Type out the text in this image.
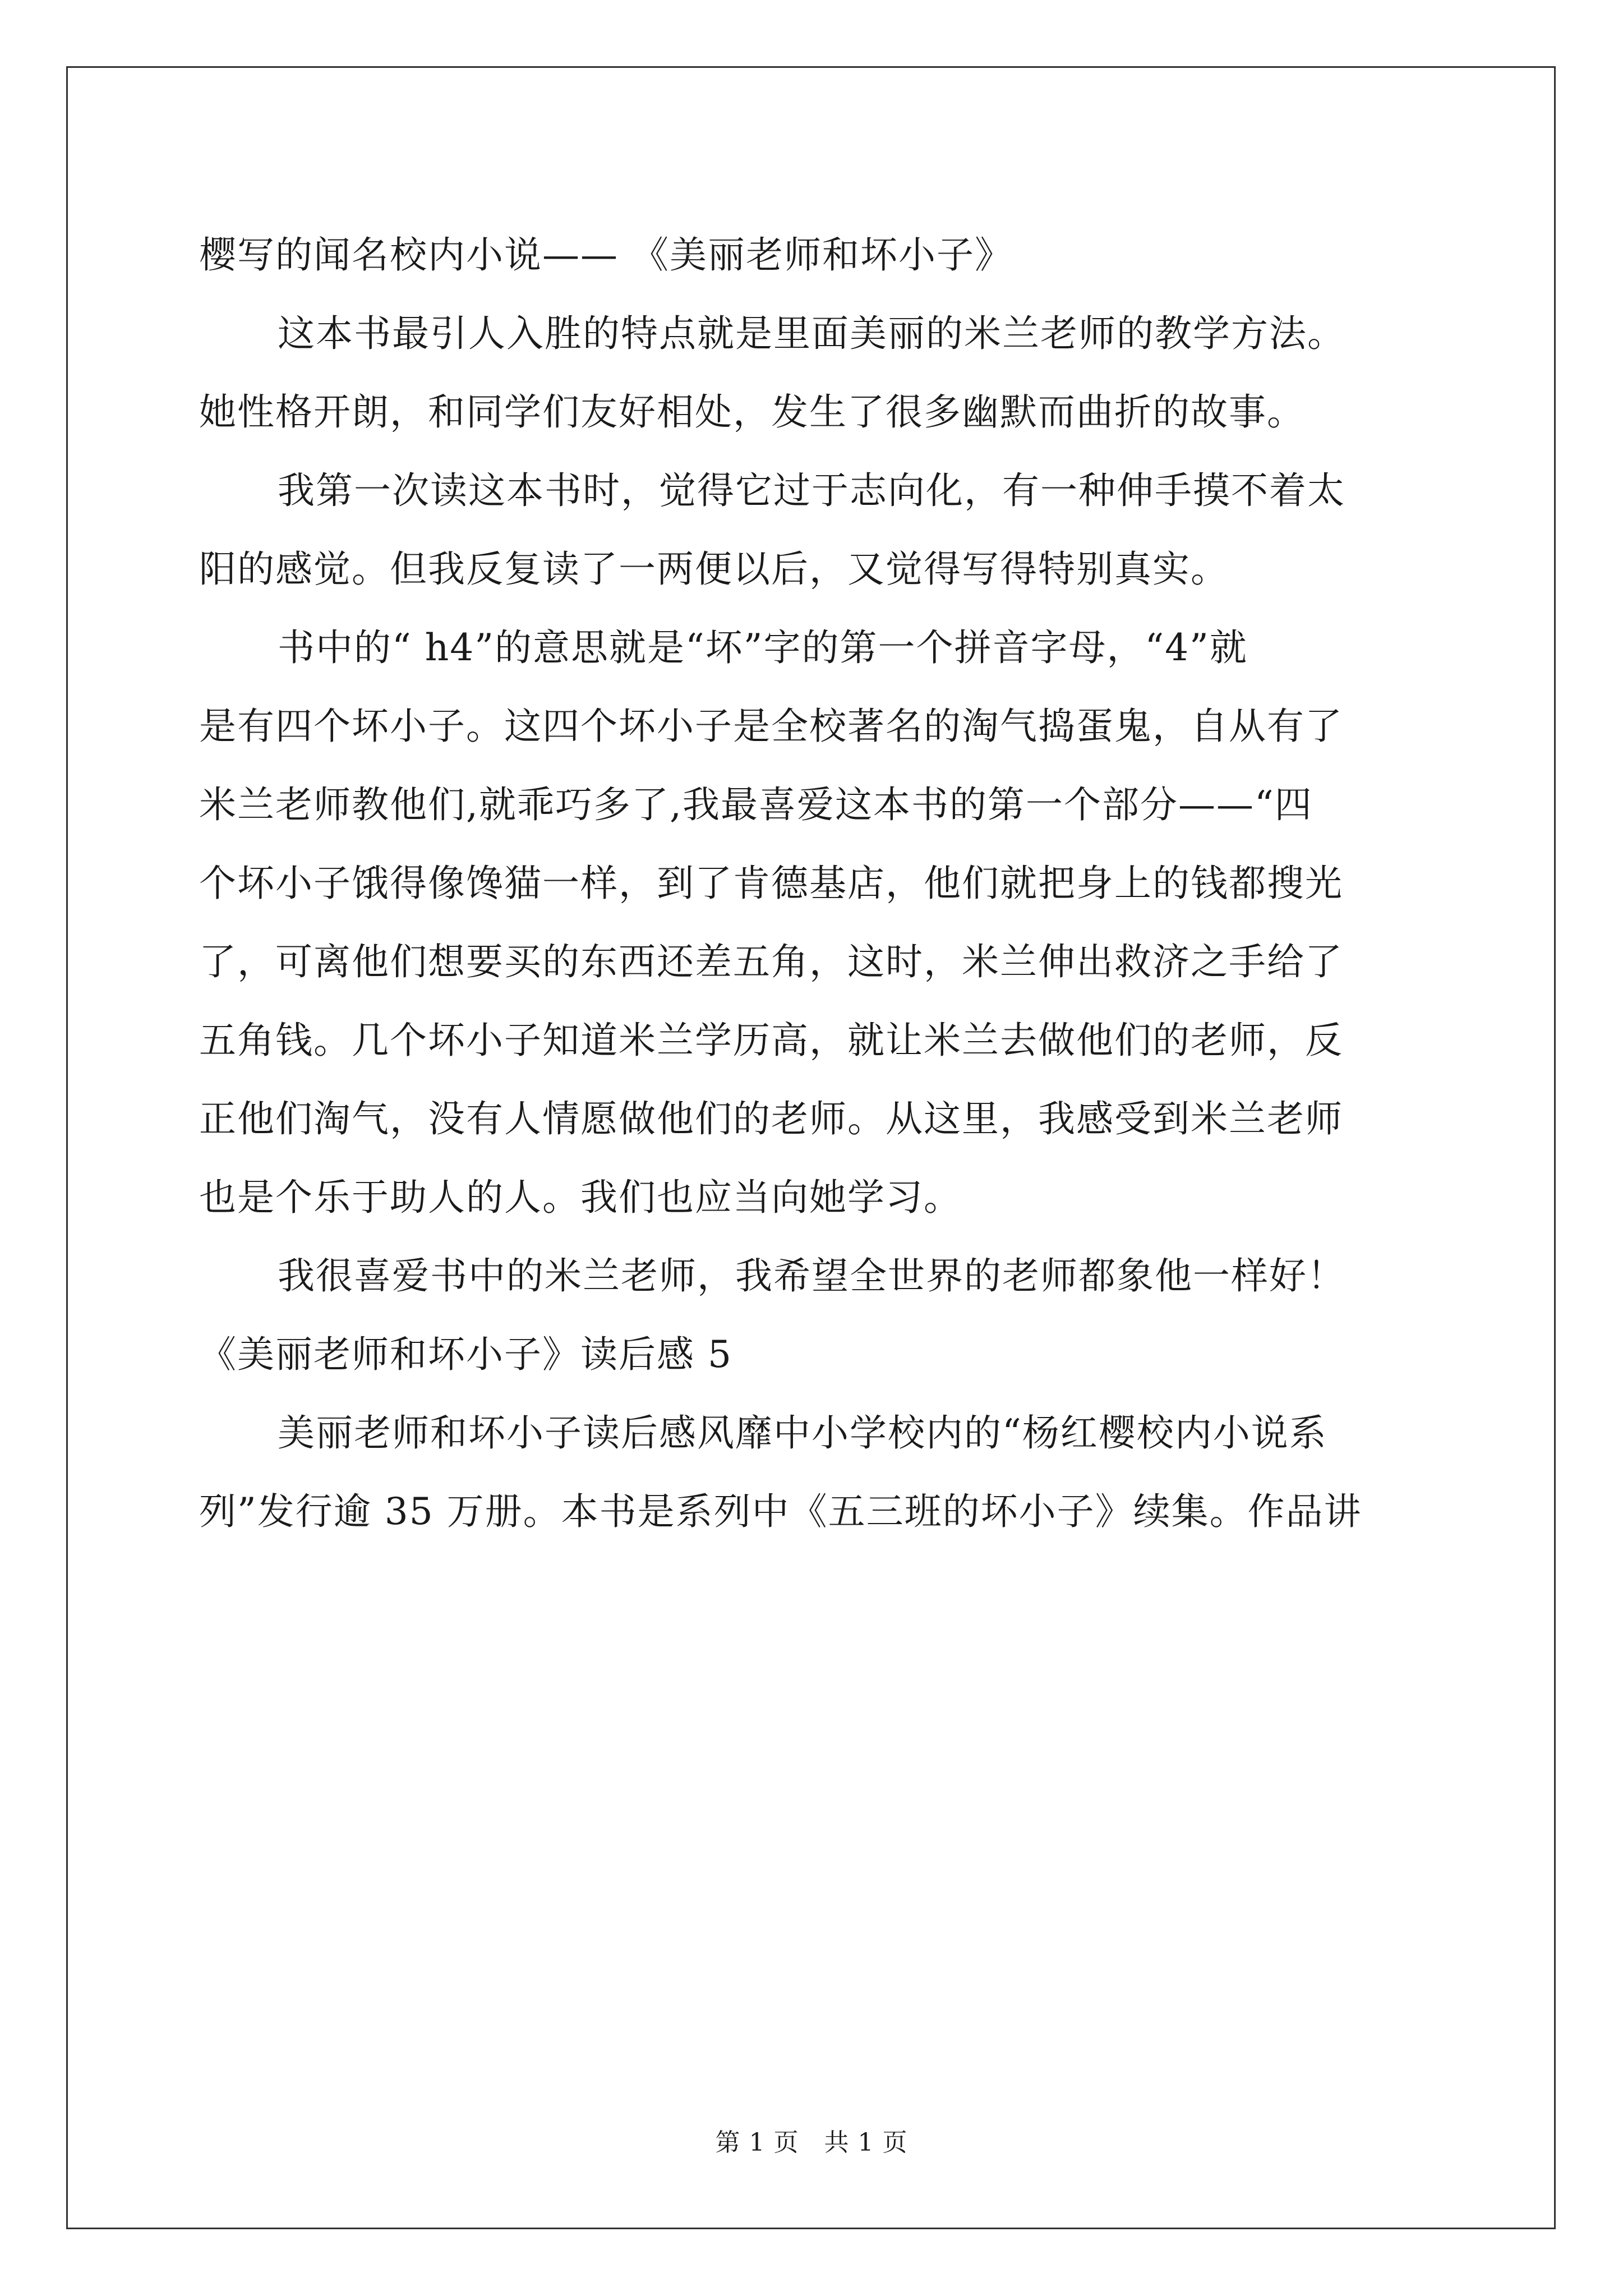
樱写的闻名校内小说—— 《美丽老师和坏小子》
这本书最引人入胜的特点就是里面美丽的米兰老师的教学方法。
她性格开朗，和同学们友好相处，发生了很多幽默而曲折的故事。
我第一次读这本书时，觉得它过于志向化，有一种伸手摸不着太
阳的感觉。但我反复读了一两便以后，又觉得写得特别真实。
书中的“ h4”的意思就是“坏”字的第一个拼音字母，“4”就
是有四个坏小子。这四个坏小子是全校著名的淘气捣蛋鬼，自从有了
米兰老师教他们,就乖巧多了,我最喜爱这本书的第一个部分——“四
个坏小子饿得像馋猫一样，到了肯德基店，他们就把身上的钱都搜光
了，可离他们想要买的东西还差五角，这时，米兰伸出救济之手给了
五角钱。几个坏小子知道米兰学历高，就让米兰去做他们的老师，反
正他们淘气，没有人情愿做他们的老师。从这里，我感受到米兰老师
也是个乐于助人的人。我们也应当向她学习。
我很喜爱书中的米兰老师，我希望全世界的老师都象他一样好！
《美丽老师和坏小子》读后感 5
美丽老师和坏小子读后感风靡中小学校内的“杨红樱校内小说系
列”发行逾 35 万册。本书是系列中《五三班的坏小子》续集。作品讲
第 1 页　共 1 页
